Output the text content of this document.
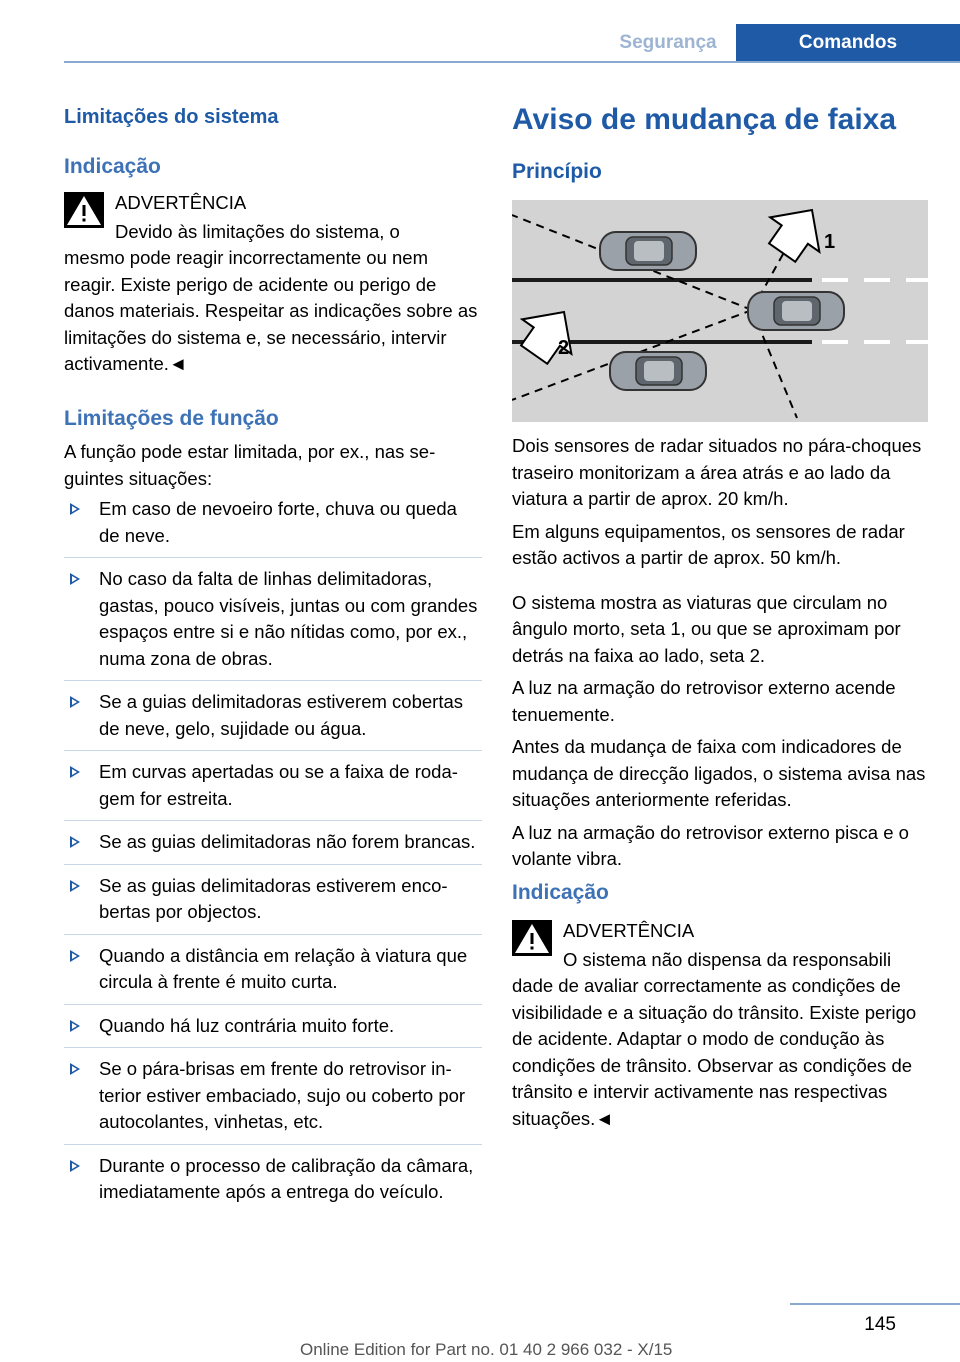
Segurança	Comandos
Limitações do sistema
Indicação

ADVERTÊNCIA

Devido às limitações do sistema, o

mesmo pode reagir incorrectamente ou nem reagir. Existe perigo de acidente ou perigo de danos materiais. Respeitar as indicações sobre as limitações do sistema e, se necessário, intervir activamente.◄

Limitações de função

A função pode estar limitada, por ex., nas seguintes situações:

Em caso de nevoeiro forte, chuva ou queda de neve.
No caso da falta de linhas delimitadoras, gastas, pouco visíveis, juntas ou com grandes espaços entre si e não nítidas como, por ex., numa zona de obras.
Se a guias delimitadoras estiverem cobertas de neve, gelo, sujidade ou água.
Em curvas apertadas ou se a faixa de rodagem for estreita.
Se as guias delimitadoras não forem brancas.
Se as guias delimitadoras estiverem encobertas por objectos.
Quando a distância em relação à viatura que circula à frente é muito curta.
Quando há luz contrária muito forte.
Se o pára-brisas em frente do retrovisor interior estiver embaciado, sujo ou coberto por autocolantes, vinhetas, etc.
Durante o processo de calibração da câmara, imediatamente após a entrega do veículo.
Aviso de mudança de faixa
Princípio
1
2

Dois sensores de radar situados no pára-choques traseiro monitorizam a área atrás e ao lado da viatura a partir de aprox. 20 km/h.

Em alguns equipamentos, os sensores de radar estão activos a partir de aprox. 50 km/h.

O sistema mostra as viaturas que circulam no ângulo morto, seta 1, ou que se aproximam por detrás na faixa ao lado, seta 2.

A luz na armação do retrovisor externo acende tenuemente.

Antes da mudança de faixa com indicadores de mudança de direcção ligados, o sistema avisa nas situações anteriormente referidas.

A luz na armação do retrovisor externo pisca e o volante vibra.

Indicação

ADVERTÊNCIA

O sistema não dispensa da responsabili

dade de avaliar correctamente as condições de visibilidade e a situação do trânsito. Existe perigo de acidente. Adaptar o modo de condução às condições de trânsito. Observar as condições de trânsito e intervir activamente nas respectivas situações.◄

145
Online Edition for Part no. 01 40 2 966 032 - X/15
